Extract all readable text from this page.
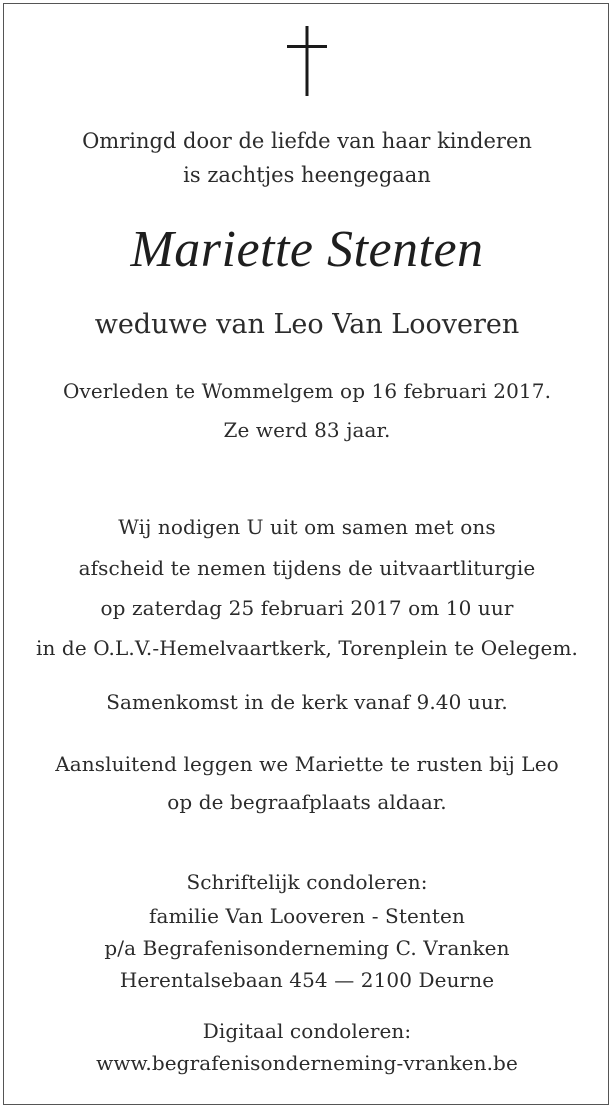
Omringd door de liefde van haar kinderen
is zachtjes heengegaan
Mariette Stenten
weduwe van Leo Van Looveren
Overleden te Wommelgem op 16 februari 2017.
Ze werd 83 jaar.
Wij nodigen U uit om samen met ons
afscheid te nemen tijdens de uitvaartliturgie
op zaterdag 25 februari 2017 om 10 uur
in de O.L.V.-Hemelvaartkerk, Torenplein te Oelegem.
Samenkomst in de kerk vanaf 9.40 uur.
Aansluitend leggen we Mariette te rusten bij Leo
op de begraafplaats aldaar.
Schriftelijk condoleren:
familie Van Looveren - Stenten
p/a Begrafenisonderneming C. Vranken
Herentalsebaan 454 — 2100 Deurne
Digitaal condoleren:
www.begrafenisonderneming-vranken.be
